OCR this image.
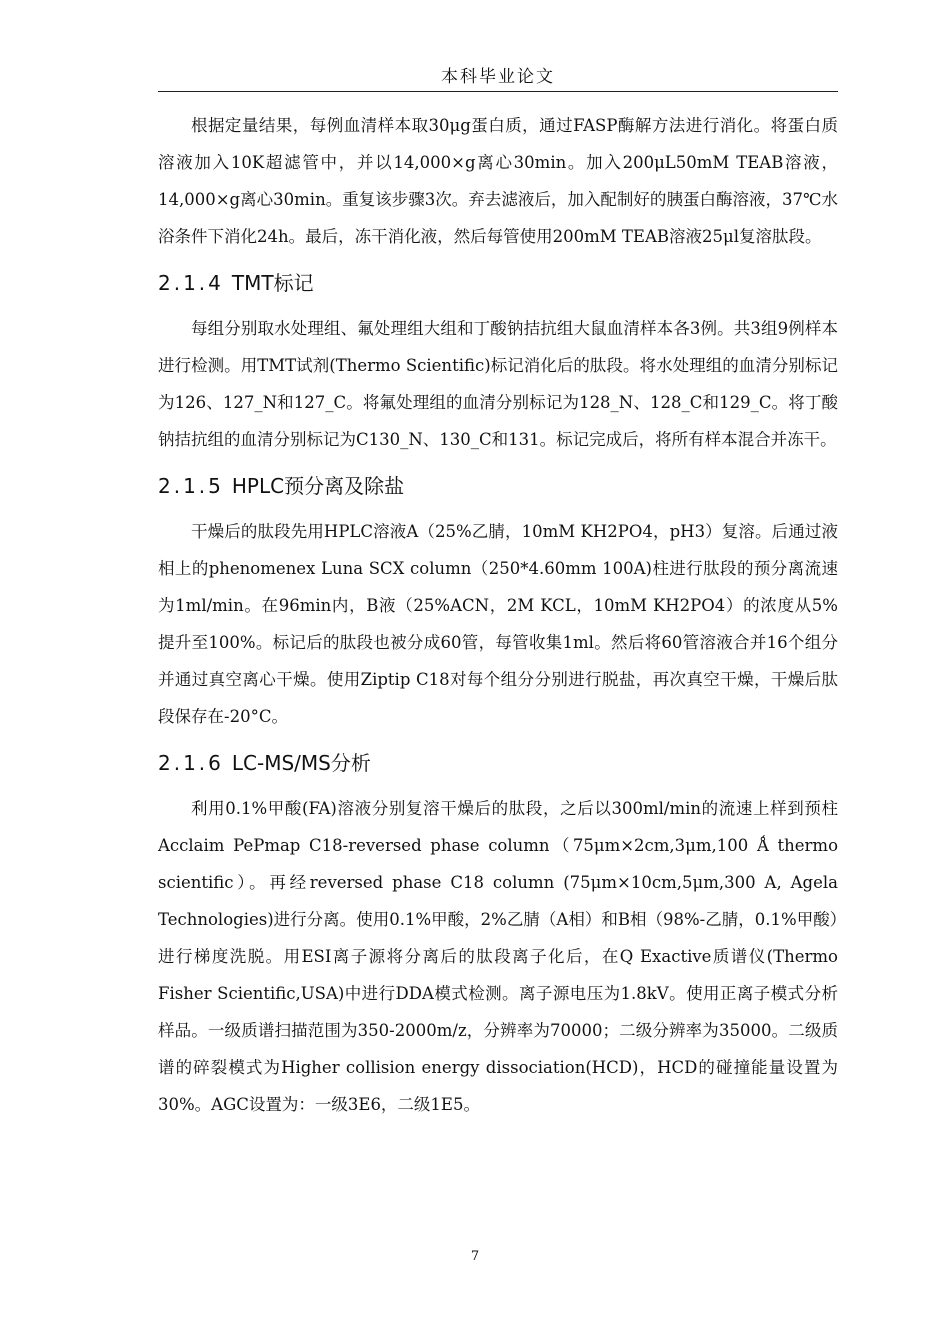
本科毕业论文

根据定量结果，每例血清样本取30μg蛋白质，通过FASP酶解方法进行消化。将蛋白质溶液加入10K超滤管中，并以14,000×g离心30min。加入200μL50mM TEAB溶液，14,000×g离心30min。重复该步骤3次。弃去滤液后，加入配制好的胰蛋白酶溶液，37℃水浴条件下消化24h。最后，冻干消化液，然后每管使用200mM TEAB溶液25μl复溶肽段。

2.1.4 TMT标记

每组分别取水处理组、氟处理组大组和丁酸钠拮抗组大鼠血清样本各3例。共3组9例样本进行检测。用TMT试剂(Thermo Scientific)标记消化后的肽段。将水处理组的血清分别标记为126、127_N和127_C。将氟处理组的血清分别标记为128_N、128_C和129_C。将丁酸钠拮抗组的血清分别标记为C130_N、130_C和131。标记完成后，将所有样本混合并冻干。

2.1.5 HPLC预分离及除盐

干燥后的肽段先用HPLC溶液A（25%乙腈，10mM KH2PO4，pH3）复溶。后通过液相上的phenomenex Luna SCX column（250*4.60mm 100A)柱进行肽段的预分离流速为1ml/min。在96min内，B液（25%ACN，2M KCL，10mM KH2PO4）的浓度从5%提升至100%。标记后的肽段也被分成60管，每管收集1ml。然后将60管溶液合并16个组分并通过真空离心干燥。使用Ziptip C18对每个组分分别进行脱盐，再次真空干燥，干燥后肽段保存在-20°C。

2.1.6 LC-MS/MS分析

利用0.1%甲酸(FA)溶液分别复溶干燥后的肽段，之后以300ml/min的流速上样到预柱Acclaim PePmap C18-reversed phase column（75μm×2cm,3μm,100 Ǻ thermo scientific）。再经reversed phase C18 column (75μm×10cm,5μm,300 A, Agela Technologies)进行分离。使用0.1%甲酸，2%乙腈（A相）和B相（98%-乙腈，0.1%甲酸）进行梯度洗脱。用ESI离子源将分离后的肽段离子化后，在Q Exactive质谱仪(Thermo Fisher Scientific,USA)中进行DDA模式检测。离子源电压为1.8kV。使用正离子模式分析样品。一级质谱扫描范围为350-2000m/z，分辨率为70000；二级分辨率为35000。二级质谱的碎裂模式为Higher collision energy dissociation(HCD)，HCD的碰撞能量设置为30%。AGC设置为：一级3E6，二级1E5。

7
